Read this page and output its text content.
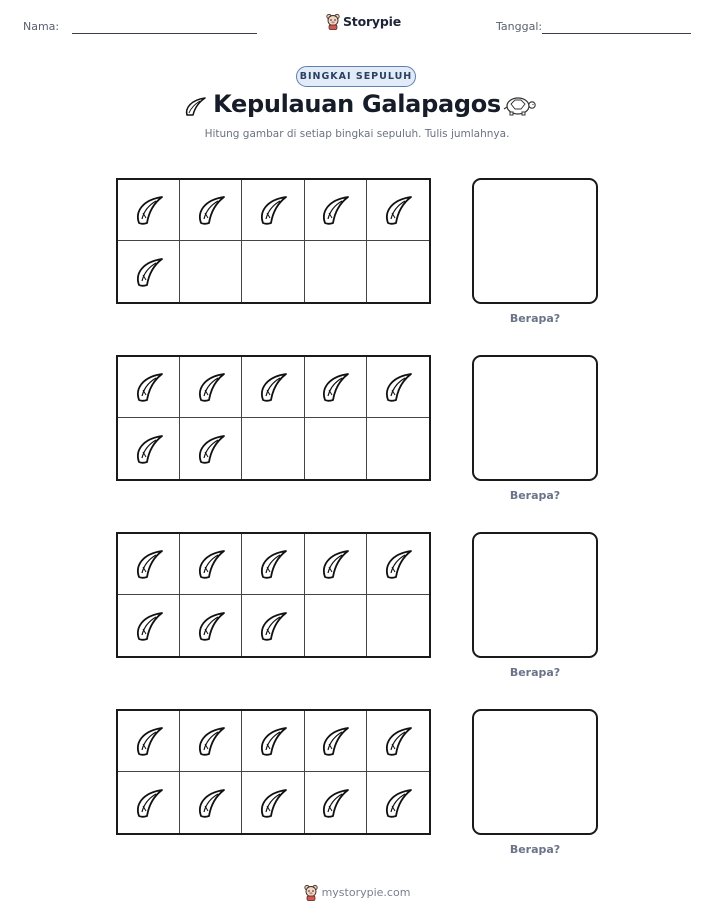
Nama:	Storypie	Tanggal:
BINGKAI SEPULUH
Kepulauan Galapagos
Hitung gambar di setiap bingkai sepuluh. Tulis jumlahnya.
Berapa?
Berapa?
Berapa?
Berapa?
mystorypie.com
